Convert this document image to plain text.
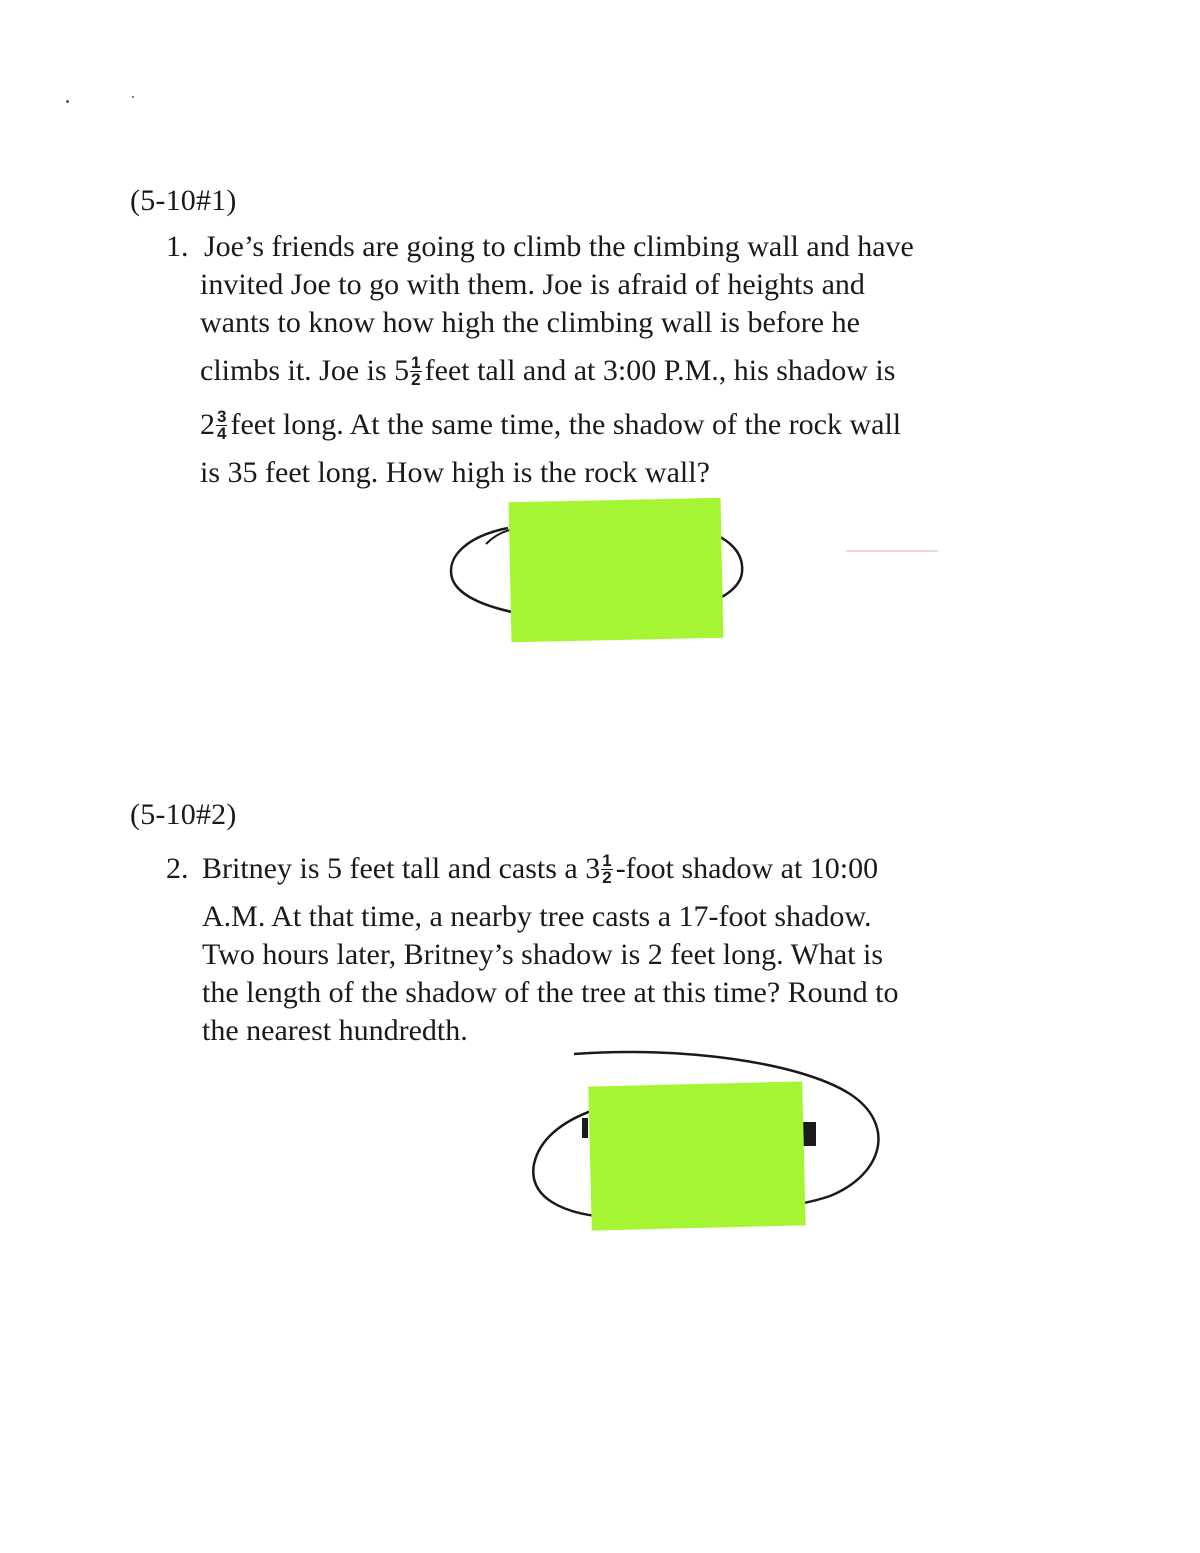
(5-10#1)
1. Joe’s friends are going to climb the climbing wall and have
invited Joe to go with them. Joe is afraid of heights and
wants to know how high the climbing wall is before he
climbs it. Joe is $5 \frac{1}{2}$ feet tall and at 3:00 P.M., his shadow is
$2 \frac{3}{4}$ feet long. At the same time, the shadow of the rock wall
is 35 feet long. How high is the rock wall?
(5-10#2)
2. Britney is 5 feet tall and casts a $3 \frac{1}{2}$ -foot shadow at 10:00
A.M. At that time, a nearby tree casts a 17-foot shadow.
Two hours later, Britney’s shadow is 2 feet long. What is
the length of the shadow of the tree at this time? Round to
the nearest hundredth.
